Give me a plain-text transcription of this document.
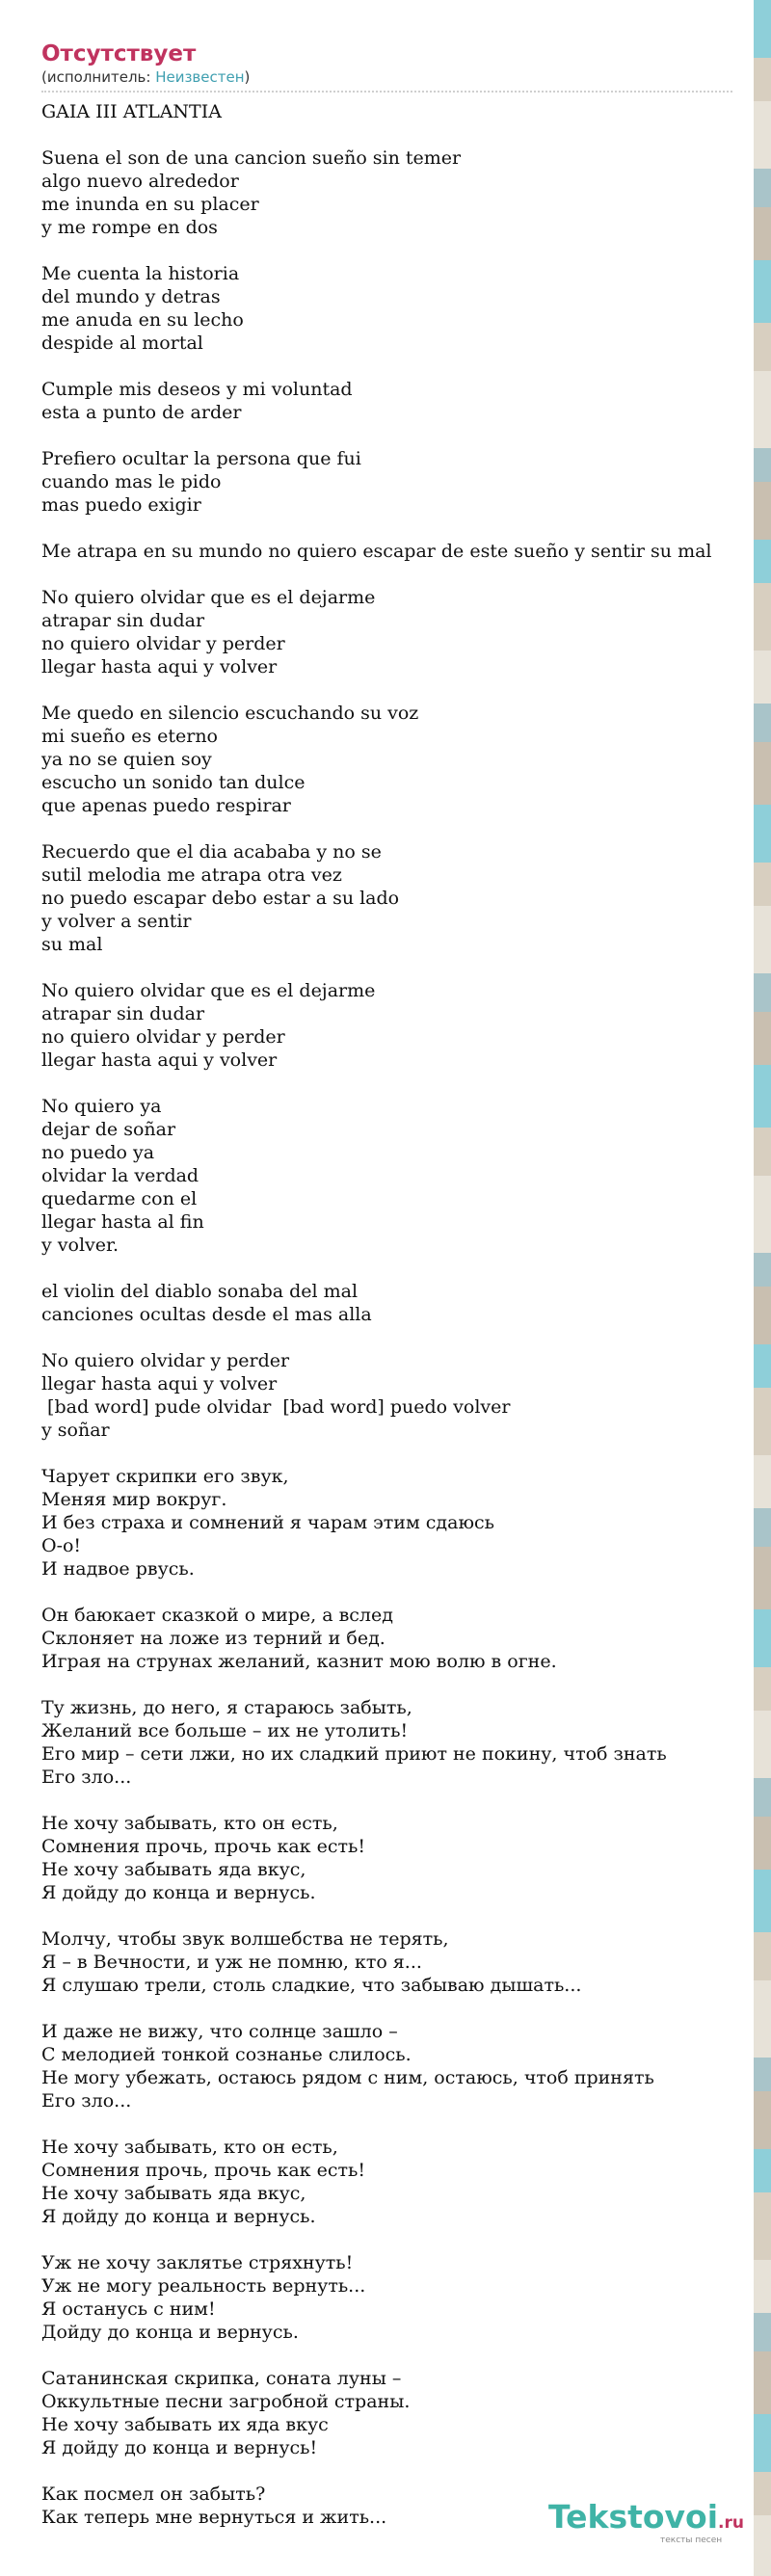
Отсутствует
(исполнитель: Неизвестен)
GAIA III ATLANTIA

Suena el son de una cancion sueño sin temer
algo nuevo alrededor
me inunda en su placer
y me rompe en dos

Me cuenta la historia
del mundo y detras
me anuda en su lecho
despide al mortal

Cumple mis deseos y mi voluntad
esta a punto de arder

Prefiero ocultar la persona que fui
cuando mas le pido
mas puedo exigir

Me atrapa en su mundo no quiero escapar de este sueño y sentir su mal

No quiero olvidar que es el dejarme
atrapar sin dudar
no quiero olvidar y perder
llegar hasta aqui y volver

Me quedo en silencio escuchando su voz
mi sueño es eterno
ya no se quien soy
escucho un sonido tan dulce
que apenas puedo respirar

Recuerdo que el dia acababa y no se
sutil melodia me atrapa otra vez
no puedo escapar debo estar a su lado
y volver a sentir
su mal

No quiero olvidar que es el dejarme
atrapar sin dudar
no quiero olvidar y perder
llegar hasta aqui y volver

No quiero ya
dejar de soñar
no puedo ya
olvidar la verdad
quedarme con el
llegar hasta al fin
y volver.

el violin del diablo sonaba del mal
canciones ocultas desde el mas alla

No quiero olvidar y perder
llegar hasta aqui y volver
[bad word] pude olvidar  [bad word] puedo volver
y soñar

Чарует скрипки его звук,
Меняя мир вокруг.
И без страха и сомнений я чарам этим сдаюсь
О-о!
И надвое рвусь.

Он баюкает сказкой о мире, а вслед
Склоняет на ложе из терний и бед.
Играя на струнах желаний, казнит мою волю в огне.

Ту жизнь, до него, я стараюсь забыть,
Желаний все больше – их не утолить!
Его мир – сети лжи, но их сладкий приют не покину, чтоб знать
Его зло...

Не хочу забывать, кто он есть,
Сомнения прочь, прочь как есть!
Не хочу забывать яда вкус,
Я дойду до конца и вернусь.

Молчу, чтобы звук волшебства не терять,
Я – в Вечности, и уж не помню, кто я...
Я слушаю трели, столь сладкие, что забываю дышать...

И даже не вижу, что солнце зашло –
С мелодией тонкой сознанье слилось.
Не могу убежать, остаюсь рядом с ним, остаюсь, чтоб принять
Его зло...

Не хочу забывать, кто он есть,
Сомнения прочь, прочь как есть!
Не хочу забывать яда вкус,
Я дойду до конца и вернусь.

Уж не хочу заклятье стряхнуть!
Уж не могу реальность вернуть...
Я останусь с ним!
Дойду до конца и вернусь.

Сатанинская скрипка, соната луны –
Оккультные песни загробной страны.
Не хочу забывать их яда вкус
Я дойду до конца и вернусь!

Как посмел он забыть?
Как теперь мне вернуться и жить...	Tekstovoi.ru
тексты песен
